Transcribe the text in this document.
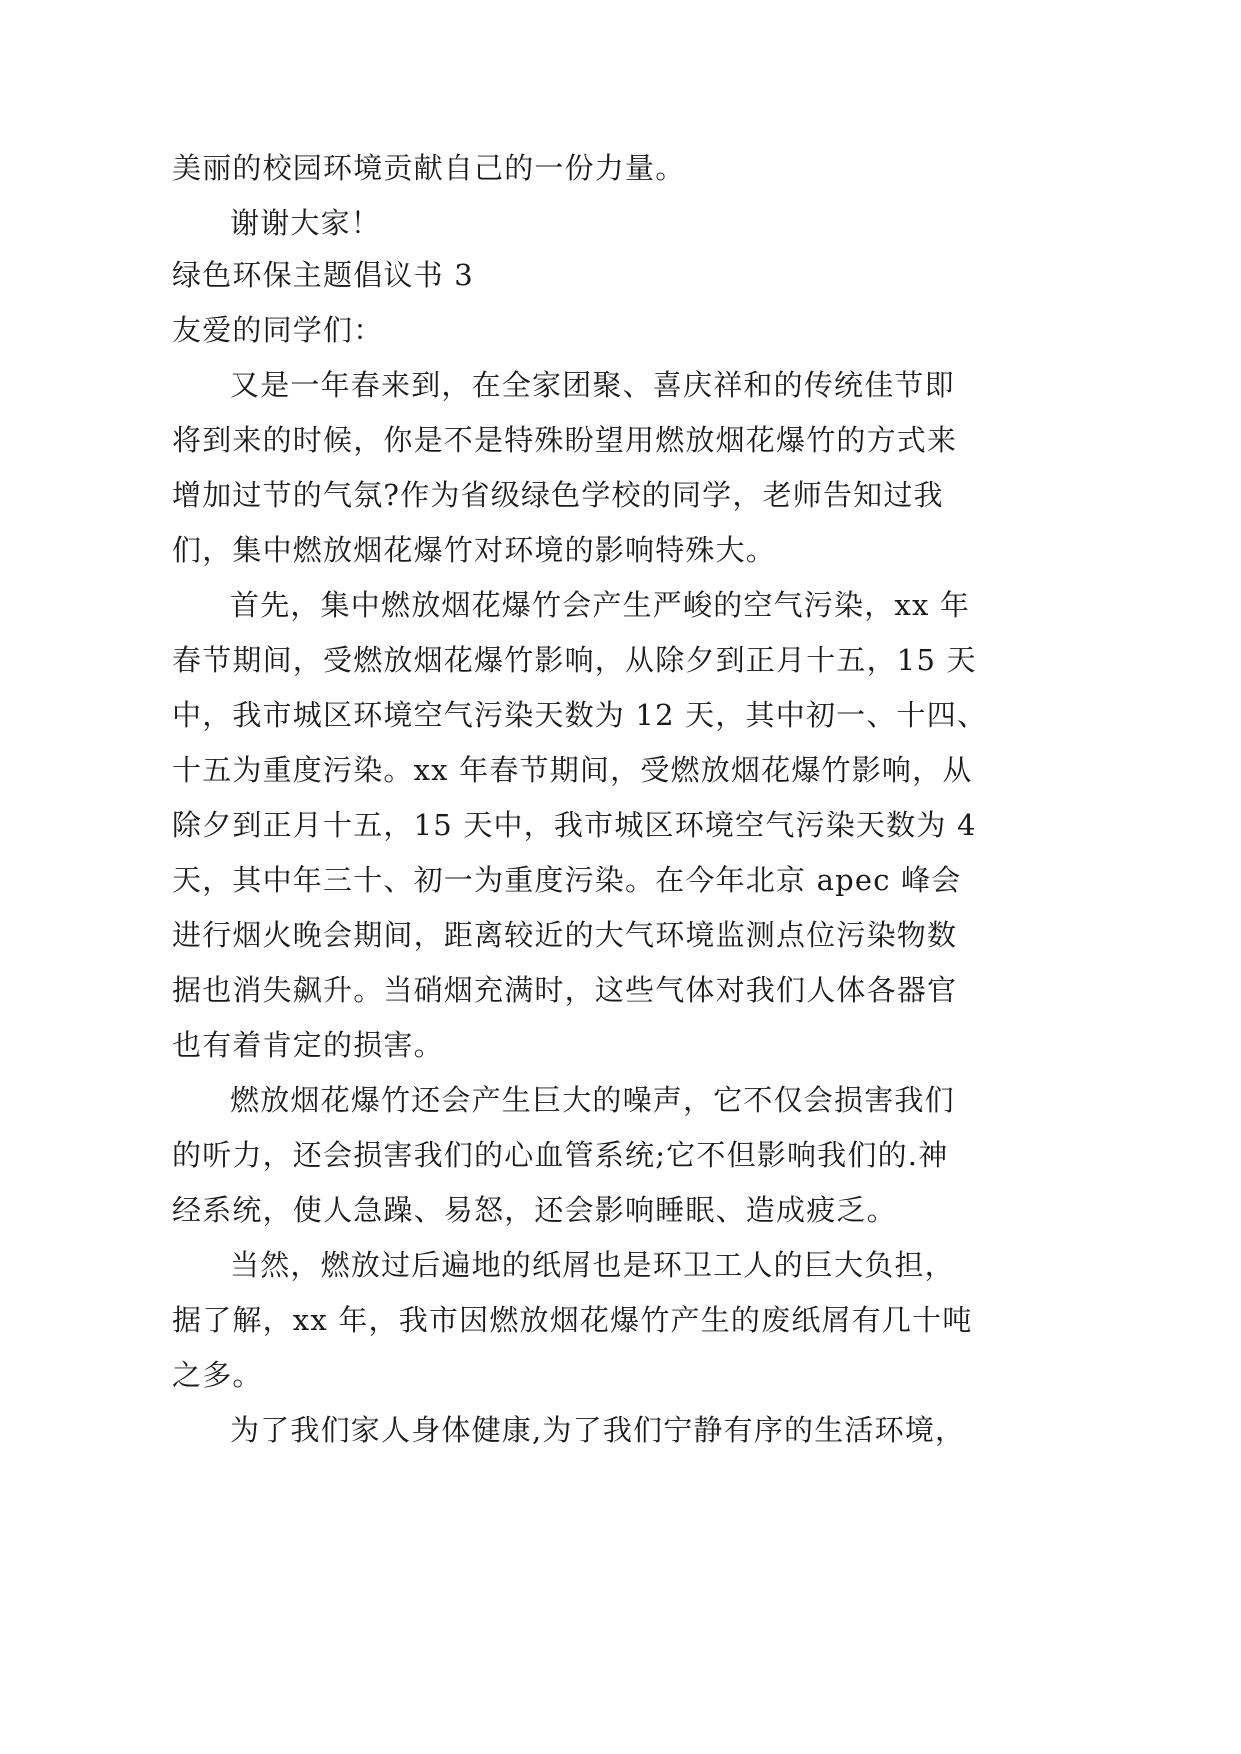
美丽的校园环境贡献自己的一份力量。
谢谢大家！
绿色环保主题倡议书 3
友爱的同学们：
又是一年春来到，在全家团聚、喜庆祥和的传统佳节即
将到来的时候，你是不是特殊盼望用燃放烟花爆竹的方式来
增加过节的气氛?作为省级绿色学校的同学，老师告知过我
们，集中燃放烟花爆竹对环境的影响特殊大。
首先，集中燃放烟花爆竹会产生严峻的空气污染，xx 年
春节期间，受燃放烟花爆竹影响，从除夕到正月十五，15 天
中，我市城区环境空气污染天数为 12 天，其中初一、十四、
十五为重度污染。xx 年春节期间，受燃放烟花爆竹影响，从
除夕到正月十五，15 天中，我市城区环境空气污染天数为 4
天，其中年三十、初一为重度污染。在今年北京 apec 峰会
进行烟火晚会期间，距离较近的大气环境监测点位污染物数
据也消失飙升。当硝烟充满时，这些气体对我们人体各器官
也有着肯定的损害。
燃放烟花爆竹还会产生巨大的噪声，它不仅会损害我们
的听力，还会损害我们的心血管系统;它不但影响我们的.神
经系统，使人急躁、易怒，还会影响睡眠、造成疲乏。
当然，燃放过后遍地的纸屑也是环卫工人的巨大负担，
据了解，xx 年，我市因燃放烟花爆竹产生的废纸屑有几十吨
之多。
为了我们家人身体健康,为了我们宁静有序的生活环境，
